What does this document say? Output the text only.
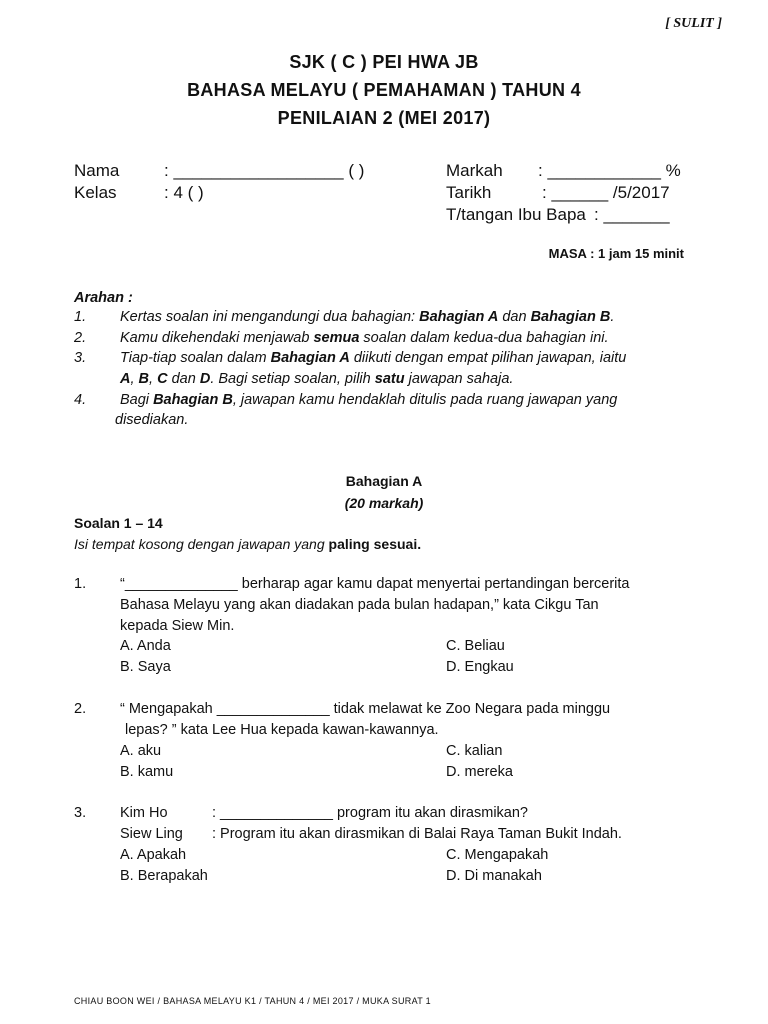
[ SULIT ]
SJK ( C ) PEI HWA JB
BAHASA MELAYU ( PEMAHAMAN ) TAHUN 4
PENILAIAN 2 (MEI 2017)
Nama	: __________________ ( )
Kelas	: 4 ( )
Markah : ____________ %
Tarikh	: ______ /5/2017
T/tangan Ibu Bapa : _______
MASA : 1 jam 15 minit
Arahan :
1. Kertas soalan ini mengandungi dua bahagian: Bahagian A dan Bahagian B.
2. Kamu dikehendaki menjawab semua soalan dalam kedua-dua bahagian ini.
3. Tiap-tiap soalan dalam Bahagian A diikuti dengan empat pilihan jawapan, iaitu
A, B, C dan D. Bagi setiap soalan, pilih satu jawapan sahaja.
4. Bagi Bahagian B, jawapan kamu hendaklah ditulis pada ruang jawapan yang
disediakan.
Bahagian A
(20 markah)
Soalan 1 – 14
Isi tempat kosong dengan jawapan yang paling sesuai.
1. “______________ berharap agar kamu dapat menyertai pertandingan bercerita
Bahasa Melayu yang akan diadakan pada bulan hadapan,” kata Cikgu Tan
kepada Siew Min.
A. Anda	C. Beliau
B. Saya	D. Engkau
2. “ Mengapakah ______________ tidak melawat ke Zoo Negara pada minggu
lepas? ” kata Lee Hua kepada kawan-kawannya.
A. aku	C. kalian
B. kamu	D. mereka
3. Kim Ho	: ______________ program itu akan dirasmikan?
Siew Ling : Program itu akan dirasmikan di Balai Raya Taman Bukit Indah.
A. Apakah	C. Mengapakah
B. Berapakah	D. Di manakah
CHIAU BOON WEI / BAHASA MELAYU K1 / TAHUN 4 / MEI 2017 / MUKA SURAT 1
